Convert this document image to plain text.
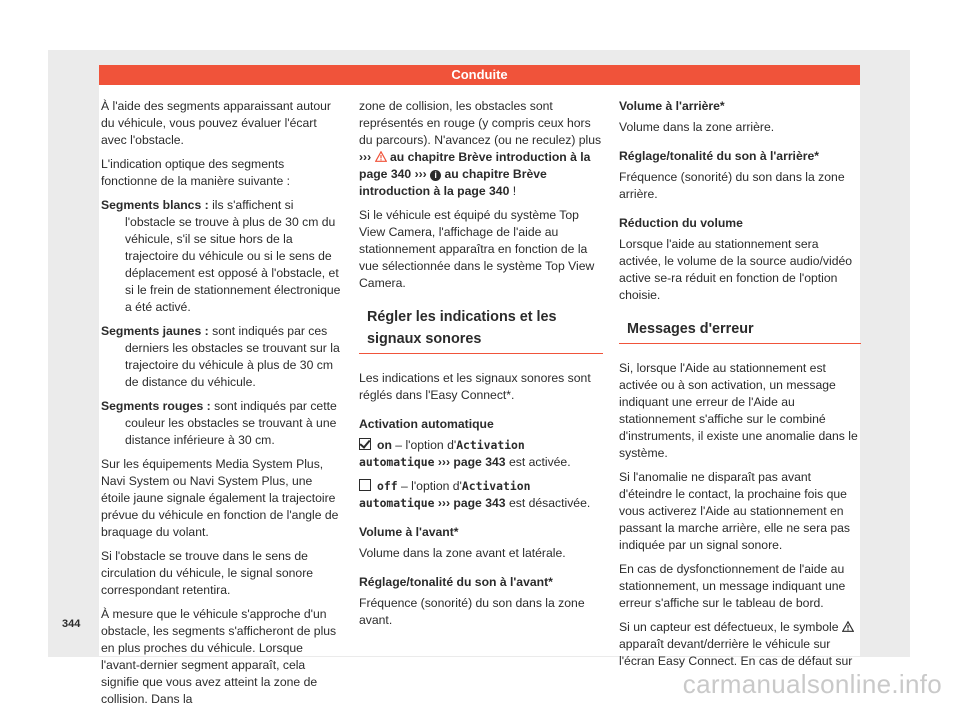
Conduite

À l'aide des segments apparaissant autour du véhicule, vous pouvez évaluer l'écart avec l'obstacle.

L'indication optique des segments fonctionne de la manière suivante :

Segments blancs : ils s'affichent si l'obstacle se trouve à plus de 30 cm du véhicule, s'il se situe hors de la trajectoire du véhicule ou si le sens de déplacement est opposé à l'obstacle, et si le frein de stationnement électronique a été activé.

Segments jaunes : sont indiqués par ces derniers les obstacles se trouvant sur la trajectoire du véhicule à plus de 30 cm de distance du véhicule.

Segments rouges : sont indiqués par cette couleur les obstacles se trouvant à une distance inférieure à 30 cm.

Sur les équipements Media System Plus, Navi System ou Navi System Plus, une étoile jaune signale également la trajectoire prévue du véhicule en fonction de l'angle de braquage du volant.

Si l'obstacle se trouve dans le sens de circulation du véhicule, le signal sonore correspondant retentira.

À mesure que le véhicule s'approche d'un obstacle, les segments s'afficheront de plus en plus proches du véhicule. Lorsque l'avant-dernier segment apparaît, cela signifie que vous avez atteint la zone de collision. Dans la

zone de collision, les obstacles sont représentés en rouge (y compris ceux hors du parcours). N'avancez (ou ne reculez) plus ››› au chapitre Brève introduction à la page 340 ››› i au chapitre Brève introduction à la page 340 !

Si le véhicule est équipé du système Top View Camera, l'affichage de l'aide au stationnement apparaîtra en fonction de la vue sélectionnée dans le système Top View Camera.

Régler les indications et les signaux sonores

Les indications et les signaux sonores sont réglés dans l'Easy Connect*.

Activation automatique

on – l'option d'Activation automatique ››› page 343 est activée.

off – l'option d'Activation automatique ››› page 343 est désactivée.

Volume à l'avant*

Volume dans la zone avant et latérale.

Réglage/tonalité du son à l'avant*

Fréquence (sonorité) du son dans la zone avant.

Volume à l'arrière*

Volume dans la zone arrière.

Réglage/tonalité du son à l'arrière*

Fréquence (sonorité) du son dans la zone arrière.

Réduction du volume

Lorsque l'aide au stationnement sera activée, le volume de la source audio/vidéo active se-ra réduit en fonction de l'option choisie.

Messages d'erreur

Si, lorsque l'Aide au stationnement est activée ou à son activation, un message indiquant une erreur de l'Aide au stationnement s'affiche sur le combiné d'instruments, il existe une anomalie dans le système.

Si l'anomalie ne disparaît pas avant d'éteindre le contact, la prochaine fois que vous activerez l'Aide au stationnement en passant la marche arrière, elle ne sera pas indiquée par un signal sonore.

En cas de dysfonctionnement de l'aide au stationnement, un message indiquant une erreur s'affiche sur le tableau de bord.

Si un capteur est défectueux, le symbole  apparaît devant/derrière le véhicule sur l'écran Easy Connect. En cas de défaut sur

344
carmanualsonline.info
